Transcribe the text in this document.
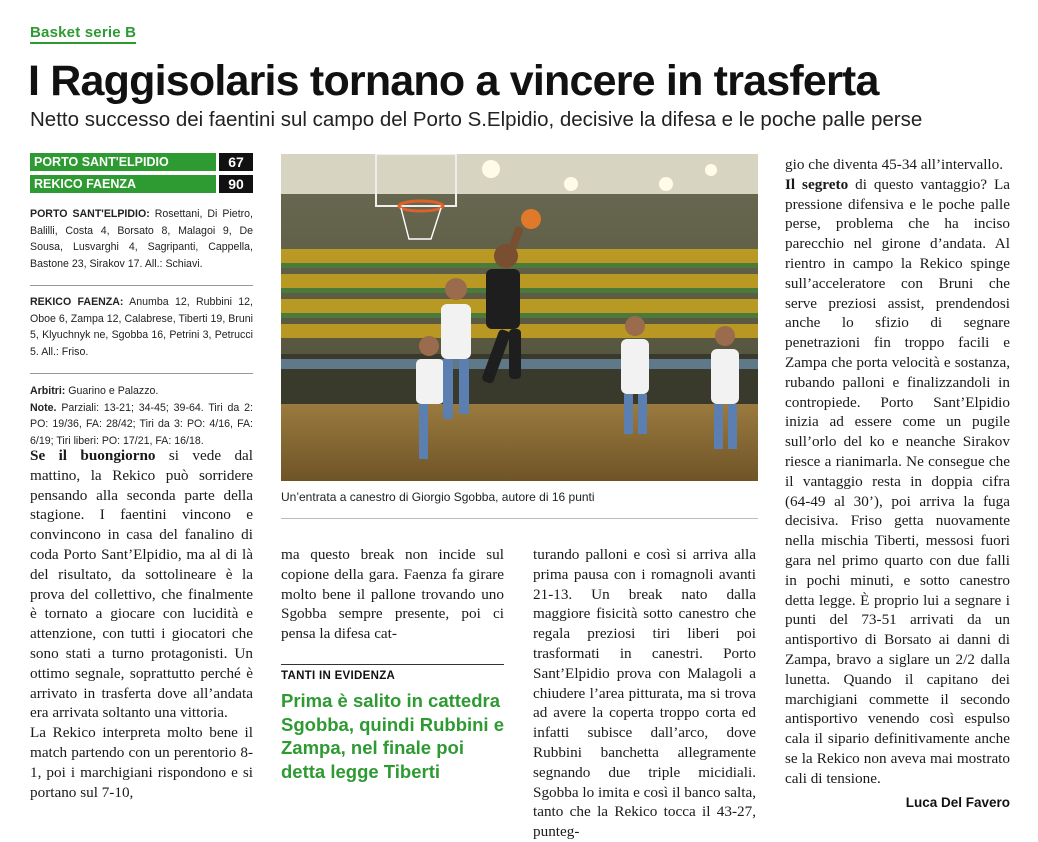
Basket serie B
I Raggisolaris tornano a vincere in trasferta
Netto successo dei faentini sul campo del Porto S.Elpidio, decisive la difesa e le poche palle perse
PORTO SANT'ELPIDIO	67
REKICO FAENZA	90
PORTO SANT'ELPIDIO: Rosettani, Di Pietro, Balilli, Costa 4, Borsato 8, Malagoi 9, De Sousa, Lusvarghi 4, Sagripanti, Cappella, Bastone 23, Sirakov 17. All.: Schiavi.
REKICO FAENZA: Anumba 12, Rubbini 12, Oboe 6, Zampa 12, Calabrese, Tiberti 19, Bruni 5, Klyuchnyk ne, Sgobba 16, Petrini 3, Petrucci 5. All.: Friso.
Arbitri: Guarino e Palazzo.
Note. Parziali: 13-21; 34-45; 39-64. Tiri da 2: PO: 19/36, FA: 28/42; Tiri da 3: PO: 4/16, FA: 6/19; Tiri liberi: PO: 17/21, FA: 16/18.

Se il buongiorno si vede dal mattino, la Rekico può sorridere pensando alla seconda parte della stagione. I faentini vincono e convincono in casa del fanalino di coda Porto Sant’Elpidio, ma al di là del risultato, da sottolineare è la prova del collettivo, che finalmente è tornato a giocare con lucidità e attenzione, con tutti i giocatori che sono stati a turno protagonisti. Un ottimo segnale, soprattutto perché è arrivato in trasferta dove all’andata era arrivata soltanto una vittoria.

La Rekico interpreta molto bene il match partendo con un perentorio 8-1, poi i marchigiani rispondono e si portano sul 7-10,

Un’entrata a canestro di Giorgio Sgobba, autore di 16 punti

ma questo break non incide sul copione della gara. Faenza fa girare molto bene il pallone trovando uno Sgobba sempre presente, poi ci pensa la difesa cat-

TANTI IN EVIDENZA
Prima è salito in cattedra Sgobba, quindi Rubbini e Zampa, nel finale poi detta legge Tiberti

turando palloni e così si arriva alla prima pausa con i romagnoli avanti 21-13. Un break nato dalla maggiore fisicità sotto canestro che regala preziosi tiri liberi poi trasformati in canestri. Porto Sant’Elpidio prova con Malagoli a chiudere l’area pitturata, ma si trova ad avere la coperta troppo corta ed infatti subisce dall’arco, dove Rubbini banchetta allegramente segnando due triple micidiali. Sgobba lo imita e così il banco salta, tanto che la Rekico tocca il 43-27, punteg-

gio che diventa 45-34 all’intervallo.

Il segreto di questo vantaggio? La pressione difensiva e le poche palle perse, problema che ha inciso parecchio nel girone d’andata. Al rientro in campo la Rekico spinge sull’acceleratore con Bruni che serve preziosi assist, prendendosi anche lo sfizio di segnare penetrazioni fin troppo facili e Zampa che porta velocità e sostanza, rubando palloni e finalizzandoli in contropiede. Porto Sant’Elpidio inizia ad essere come un pugile sull’orlo del ko e neanche Sirakov riesce a rianimarla. Ne consegue che il vantaggio resta in doppia cifra (64-49 al 30’), poi arriva la fuga decisiva. Friso getta nuovamente nella mischia Tiberti, messosi fuori gara nel primo quarto con due falli in pochi minuti, e sotto canestro detta legge. È proprio lui a segnare i punti del 73-51 arrivati da un antisportivo di Borsato ai danni di Zampa, bravo a siglare un 2/2 dalla lunetta. Quando il capitano dei marchigiani commette il secondo antisportivo venendo così espulso cala il sipario definitivamente anche se la Rekico non aveva mai mostrato cali di tensione.

Luca Del Favero
